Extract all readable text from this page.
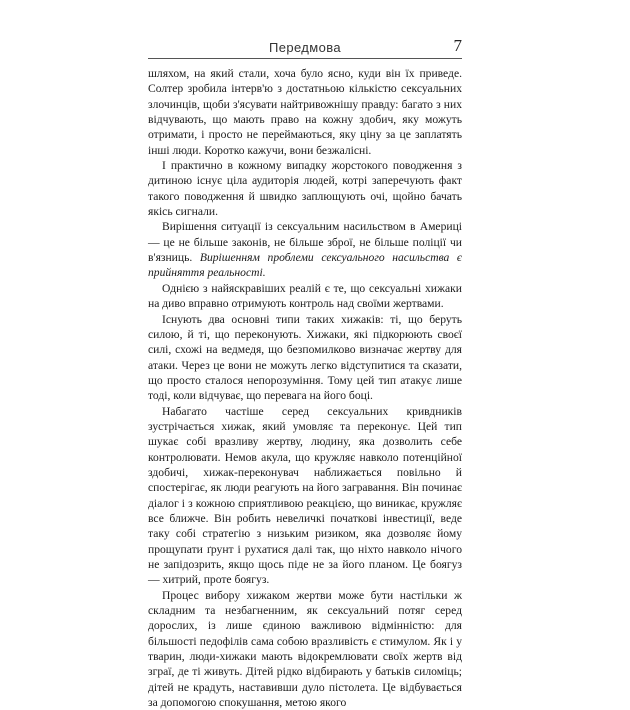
Передмова	7

шляхом, на який стали, хоча було ясно, куди він їх приведе. Солтер зробила інтерв'ю з достатньою кількістю сексуальних злочинців, щоби з'ясувати найтривожнішу правду: багато з них відчувають, що мають право на кожну здобич, яку можуть отримати, і просто не переймаються, яку ціну за це заплатять інші люди. Коротко кажучи, вони безжалісні.

І практично в кожному випадку жорстокого поводження з дитиною існує ціла аудиторія людей, котрі заперечують факт такого поводження й швидко заплющують очі, щойно бачать якісь сигнали.

Вирішення ситуації із сексуальним насильством в Америці — це не більше законів, не більше зброї, не більше поліції чи в'язниць. Вирішенням проблеми сексуального насильства є прийняття реальності.

Однією з найяскравіших реалій є те, що сексуальні хижаки на диво вправно отримують контроль над своїми жертвами.

Існують два основні типи таких хижаків: ті, що беруть силою, й ті, що переконують. Хижаки, які підкорюють своєї силі, схожі на ведмедя, що безпомилково визначає жертву для атаки. Через це вони не можуть легко відступитися та сказати, що просто сталося непорозуміння. Тому цей тип атакує лише тоді, коли відчуває, що перевага на його боці.

Набагато частіше серед сексуальних кривдників зустрічається хижак, який умовляє та переконує. Цей тип шукає собі вразливу жертву, людину, яка дозволить себе контролювати. Немов акула, що кружляє навколо потенційної здобичі, хижак-переконувач наближається повільно й спостерігає, як люди реагують на його загравання. Він починає діалог і з кожною сприятливою реакцією, що виникає, кружляє все ближче. Він робить невеличкі початкові інвестиції, веде таку собі стратегію з низьким ризиком, яка дозволяє йому прощупати ґрунт і рухатися далі так, що ніхто навколо нічого не запідозрить, якщо щось піде не за його планом. Це боягуз — хитрий, проте боягуз.

Процес вибору хижаком жертви може бути настільки ж складним та незбагненним, як сексуальний потяг серед дорослих, із лише єдиною важливою відмінністю: для більшості педофілів сама собою вразливість є стимулом. Як і у тварин, люди-хижаки мають відокремлювати своїх жертв від зграї, де ті живуть. Дітей рідко відбирають у батьків силоміць; дітей не крадуть, наставивши дуло пістолета. Це відбувається за допомогою спокушання, метою якого
